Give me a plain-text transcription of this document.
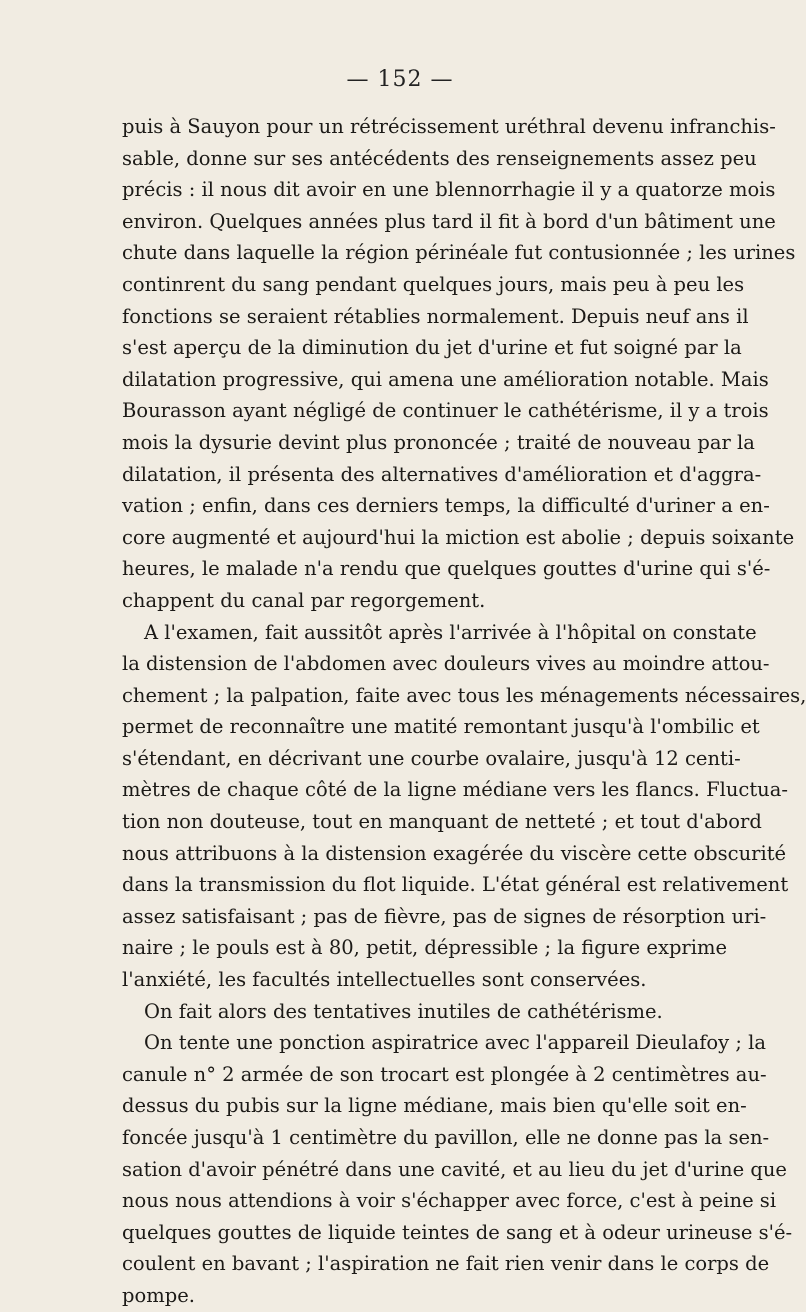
— 152 —
puis à Sauyon pour un rétrécissement uréthral devenu infranchis-
sable, donne sur ses antécédents des renseignements assez peu
précis : il nous dit avoir en une blennorrhagie il y a quatorze mois
environ. Quelques années plus tard il fit à bord d'un bâtiment une
chute dans laquelle la région périnéale fut contusionnée ; les urines
continrent du sang pendant quelques jours, mais peu à peu les
fonctions se seraient rétablies normalement. Depuis neuf ans il
s'est aperçu de la diminution du jet d'urine et fut soigné par la
dilatation progressive, qui amena une amélioration notable. Mais
Bourasson ayant négligé de continuer le cathétérisme, il y a trois
mois la dysurie devint plus prononcée ; traité de nouveau par la
dilatation, il présenta des alternatives d'amélioration et d'aggra-
vation ; enfin, dans ces derniers temps, la difficulté d'uriner a en-
core augmenté et aujourd'hui la miction est abolie ; depuis soixante
heures, le malade n'a rendu que quelques gouttes d'urine qui s'é-
chappent du canal par regorgement.
A l'examen, fait aussitôt après l'arrivée à l'hôpital on constate
la distension de l'abdomen avec douleurs vives au moindre attou-
chement ; la palpation, faite avec tous les ménagements nécessaires,
permet de reconnaître une matité remontant jusqu'à l'ombilic et
s'étendant, en décrivant une courbe ovalaire, jusqu'à 12 centi-
mètres de chaque côté de la ligne médiane vers les flancs. Fluctua-
tion non douteuse, tout en manquant de netteté ; et tout d'abord
nous attribuons à la distension exagérée du viscère cette obscurité
dans la transmission du flot liquide. L'état général est relativement
assez satisfaisant ; pas de fièvre, pas de signes de résorption uri-
naire ; le pouls est à 80, petit, dépressible ; la figure exprime
l'anxiété, les facultés intellectuelles sont conservées.
On fait alors des tentatives inutiles de cathétérisme.
On tente une ponction aspiratrice avec l'appareil Dieulafoy ; la
canule n° 2 armée de son trocart est plongée à 2 centimètres au-
dessus du pubis sur la ligne médiane, mais bien qu'elle soit en-
foncée jusqu'à 1 centimètre du pavillon, elle ne donne pas la sen-
sation d'avoir pénétré dans une cavité, et au lieu du jet d'urine que
nous nous attendions à voir s'échapper avec force, c'est à peine si
quelques gouttes de liquide teintes de sang et à odeur urineuse s'é-
coulent en bavant ; l'aspiration ne fait rien venir dans le corps de
pompe.
